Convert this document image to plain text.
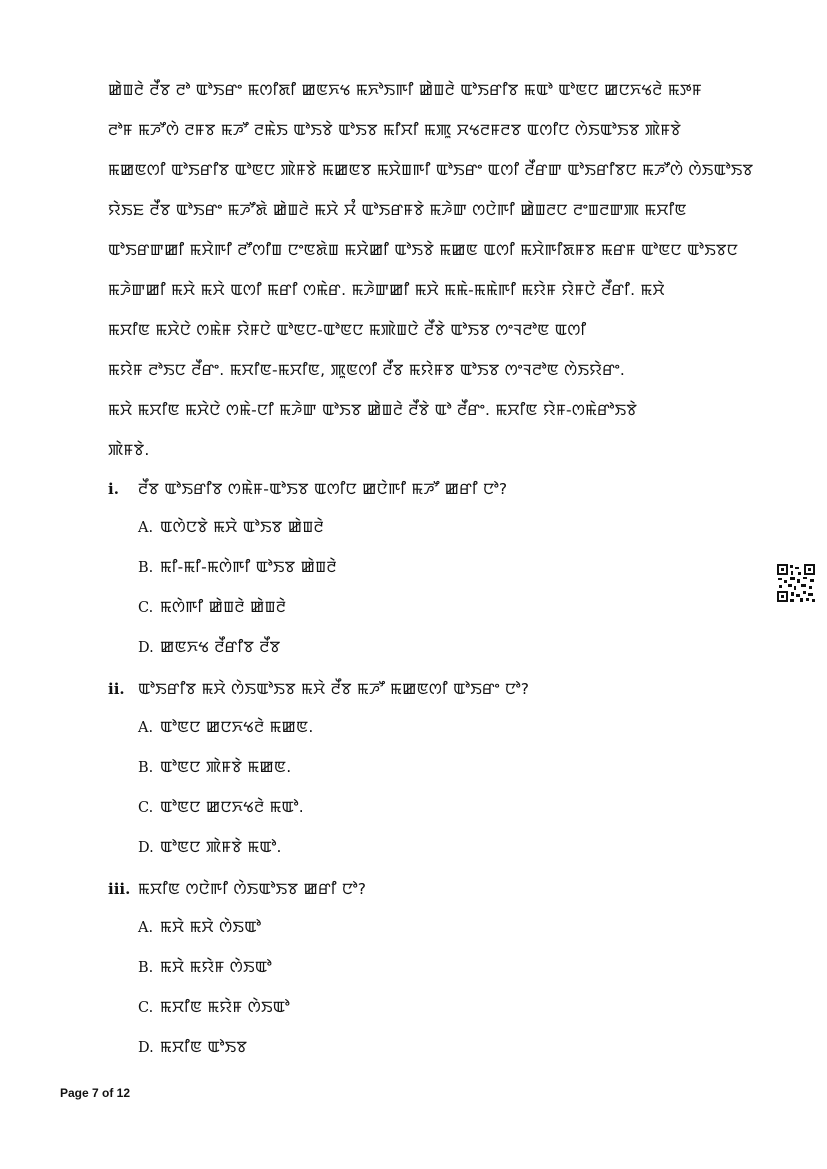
ꯀꯥꯡꯂꯥ ꯂꯩꯕ ꯂꯣ ꯑꯣꯏꯔꯦ ꯃꯁꯤꯗꯤ ꯀꯟꯈꯠ ꯃꯈꯣꯏꯒꯤ ꯀꯥꯡꯂꯥ ꯑꯣꯏꯔꯤꯕ ꯃꯑꯣ ꯑꯣꯟꯅ ꯀꯅꯈꯠꯂꯥ ꯃꯇꯝ
ꯂꯣꯝ ꯃꯍꯧꯁꯥ ꯂꯝꯕ ꯃꯍꯧ ꯂꯃꯥꯏ ꯑꯣꯏꯕꯥ ꯑꯣꯏꯕ ꯃꯤꯆꯤ ꯃꯄꯨ ꯆꯠꯂꯝꯂꯕ ꯑꯁꯤꯅ ꯁꯥꯏꯑꯣꯏꯕ ꯄꯥꯝꯕꯥ
ꯃꯀꯟꯁꯤ ꯑꯣꯏꯔꯤꯕ ꯑꯣꯟꯅ ꯄꯥꯝꯕꯥ ꯃꯀꯟꯕ ꯃꯆꯥꯡꯒꯤ ꯑꯣꯏꯔꯦ ꯑꯁꯤ ꯂꯩꯔꯛ ꯑꯣꯏꯔꯤꯕꯅ ꯃꯍꯧꯁꯥ ꯁꯥꯏꯑꯣꯏꯕ
ꯌꯥꯏꯐ ꯂꯩꯕ ꯑꯣꯏꯔꯦ ꯃꯍꯧꯗꯥ ꯀꯥꯡꯂꯥ ꯃꯆꯥ ꯆꯪ ꯑꯣꯏꯔꯝꯕꯥ ꯃꯍꯥꯛ ꯁꯅꯥꯒꯤ ꯀꯥꯡꯂꯅ ꯂꯦꯡꯂꯛꯄ ꯃꯆꯤꯟ
ꯑꯣꯏꯔꯛꯀꯤ ꯃꯆꯥꯒꯤ ꯂꯧꯁꯤꯡ ꯅꯦꯟꯗꯥꯡ ꯃꯆꯥꯀꯤ ꯑꯣꯏꯕꯥ ꯃꯀꯟ ꯑꯁꯤ ꯃꯆꯥꯒꯤꯗꯝꯕ ꯃꯔꯝ ꯑꯣꯟꯅ ꯑꯣꯏꯕꯅ
ꯃꯍꯥꯛꯀꯤ ꯃꯆꯥ ꯃꯆꯥ ꯑꯁꯤ ꯃꯔꯤ ꯁꯃꯥꯔ. ꯃꯍꯥꯛꯀꯤ ꯃꯆꯥ ꯃꯃꯥ-ꯃꯃꯥꯒꯤ ꯃꯌꯥꯝ ꯌꯥꯝꯅꯥ ꯂꯩꯔꯤ. ꯃꯆꯥ
ꯃꯆꯤꯟ ꯃꯆꯥꯅꯥ ꯁꯃꯥꯝ ꯌꯥꯝꯅꯥ ꯑꯣꯟꯅ-ꯑꯣꯟꯅ ꯃꯄꯥꯡꯅꯥ ꯂꯩꯕꯥ ꯑꯣꯏꯕ ꯁꯦꯜꯂꯣꯟ ꯑꯁꯤ
ꯃꯌꯥꯝ ꯂꯣꯏꯅ ꯂꯩꯔꯦ. ꯃꯆꯤꯟ-ꯃꯆꯤꯟ, ꯄꯨꯟꯁꯤ ꯂꯩꯕ ꯃꯌꯥꯝꯕ ꯑꯣꯏꯕ ꯁꯦꯜꯂꯣꯟ ꯁꯥꯏꯌꯥꯔꯦ.
ꯃꯆꯥ ꯃꯆꯤꯟ ꯃꯆꯥꯅꯥ ꯁꯃꯥ-ꯅꯤ ꯃꯍꯥꯛ ꯑꯣꯏꯕ ꯀꯥꯡꯂꯥ ꯂꯩꯕꯥ ꯑꯣ ꯂꯩꯔꯦ. ꯃꯆꯤꯟ ꯌꯥꯝ-ꯁꯃꯥꯔꯣꯏꯕꯥ
ꯄꯥꯝꯕꯥ.
i.	ꯂꯩꯕ ꯑꯣꯏꯔꯤꯕ ꯁꯃꯥꯝ-ꯑꯣꯏꯕ ꯑꯁꯤꯅ ꯀꯅꯥꯒꯤ ꯃꯍꯧ ꯀꯔꯤ ꯅꯣ?
A. ꯑꯁꯥꯅꯕꯥ ꯃꯆꯥ ꯑꯣꯏꯕ ꯀꯥꯡꯂꯥ
B. ꯃꯤ-ꯃꯤ-ꯃꯁꯥꯒꯤ ꯑꯣꯏꯕ ꯀꯥꯡꯂꯥ
C. ꯃꯁꯥꯒꯤ ꯀꯥꯡꯂꯥ ꯀꯥꯡꯂꯥ
D. ꯀꯟꯈꯠ ꯂꯩꯔꯤꯕ ꯂꯩꯕ
ii. ꯑꯣꯏꯔꯤꯕ ꯃꯆꯥ ꯁꯥꯏꯑꯣꯏꯕ ꯃꯆꯥ ꯂꯩꯕ ꯃꯍꯧ ꯃꯀꯟꯁꯤ ꯑꯣꯏꯔꯦ ꯅꯣ?
A. ꯑꯣꯟꯅ ꯀꯅꯈꯠꯂꯥ ꯃꯀꯟ.
B. ꯑꯣꯟꯅ ꯄꯥꯝꯕꯥ ꯃꯀꯟ.
C. ꯑꯣꯟꯅ ꯀꯅꯈꯠꯂꯥ ꯃꯑꯣ.
D. ꯑꯣꯟꯅ ꯄꯥꯝꯕꯥ ꯃꯑꯣ.
iii. ꯃꯆꯤꯟ ꯁꯅꯥꯒꯤ ꯁꯥꯏꯑꯣꯏꯕ ꯀꯔꯤ ꯅꯣ?
A. ꯃꯆꯥ ꯃꯆꯥ ꯁꯥꯏꯑꯣ
B. ꯃꯆꯥ ꯃꯌꯥꯝ ꯁꯥꯏꯑꯣ
C. ꯃꯆꯤꯟ ꯃꯌꯥꯝ ꯁꯥꯏꯑꯣ
D. ꯃꯆꯤꯟ ꯑꯣꯏꯕ
Page 7 of 12
